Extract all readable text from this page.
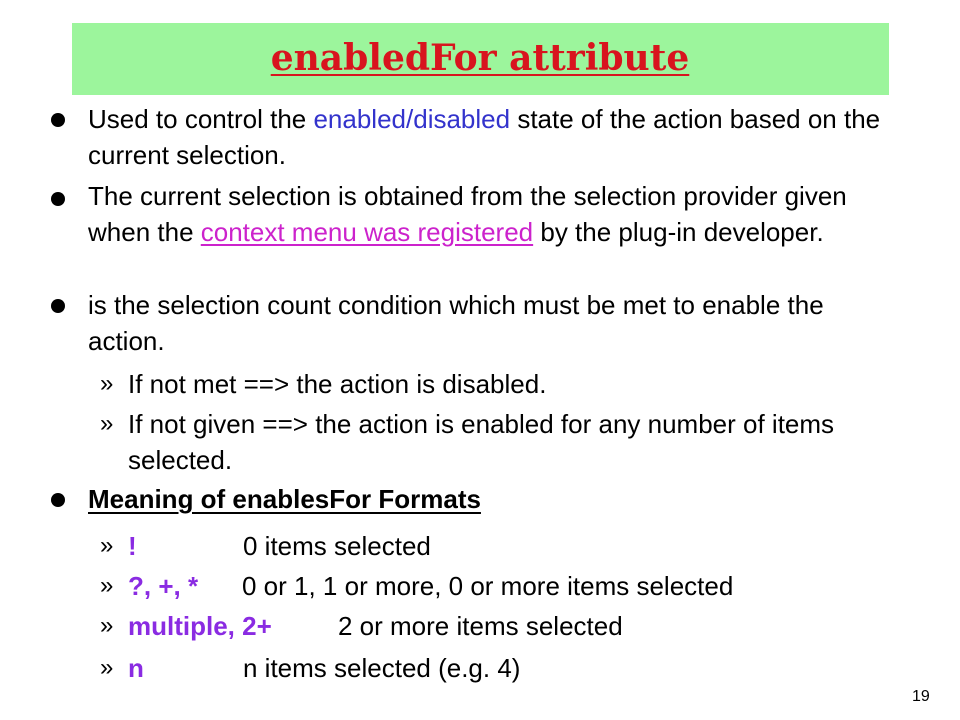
enabledFor attribute
Used to control the enabled/disabled state of the action based on the current selection.
The current selection is obtained from the selection provider given when the context menu was registered by the plug-in developer.
is the selection count condition which must be met to enable the action.
» If not met ==> the action is disabled.
» If not given ==> the action is enabled for any number of items selected.
Meaning of enablesFor Formats
» !	0 items selected
» ?, +, * 0 or 1, 1 or more, 0 or more items selected
» multiple, 2+	2 or more items selected
» n	n items selected (e.g. 4)
19
